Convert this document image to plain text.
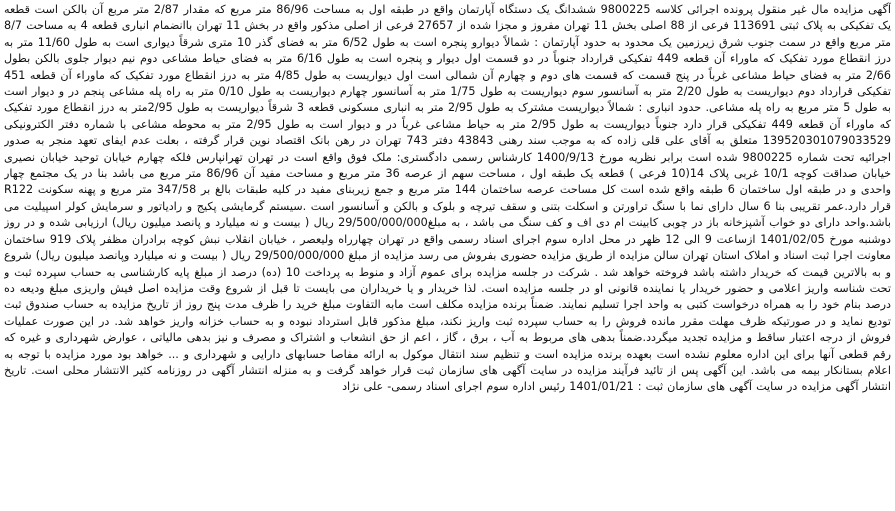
آگهی مزایده مال غیر منقول پرونده اجرائی کلاسه 9800225 ششدانگ یک دستگاه آپارتمان واقع در طبقه اول به مساحت 86/96 متر مربع که مقدار 2/87 متر مربع آن بالکن است قطعه یک تفکیکی به پلاک ثبتی 113691 فرعی از 88 اصلی بخش 11 تهران مفروز و مجزا شده از 27657 فرعی از اصلی مذکور واقع در بخش 11 تهران باانضمام انباری قطعه 4 به مساحت 8/7 متر مربع واقع در سمت جنوب شرق زیرزمین یک محدود به حدود آپارتمان : شمالاً دیوارو پنجره است به طول 6/52 متر به فضای گذر 10 متری شرقاً دیواری است به طول 11/60 متر به درز انقطاع مورد تفکیک که ماوراء آن قطعه 449 تفکیکی قرارداد جنوباً در دو قسمت اول دیوار و پنجره است به طول 6/16 متر به فضای حیاط مشاعی دوم نیم دیوار جلوی بالکن بطول 2/66 متر به فضای حیاط مشاعی غرباً در پنج قسمت که قسمت های دوم و چهارم آن شمالی است اول دیواریست به طول 4/85 متر به درز انقطاع مورد تفکیک که ماوراء آن قطعه 451 تفکیکی قرارداد دوم دیواریست به طول 2/20 متر به آسانسور سوم دیواریست به طول 1/75 متر به آسانسور چهارم دیواریست به طول 0/10 متر به راه پله مشاعی پنجم در و دیوار است به طول 5 متر مربع به راه پله مشاعی. حدود انباری : شمالاً دیواریست مشترک به طول 2/95 متر به انباری مسکونی قطعه 3 شرقاً دیواریست به طول 2/95متر به درز انقطاع مورد تفکیک که ماوراء آن قطعه 449 تفکیکی قرار دارد جنوباً دیواریست به طول 2/95 متر به حیاط مشاعی غرباً در و دیوار است به طول 2/95 متر به محوطه مشاعی با شماره دفتر الکترونیکی 139520301079033529 متعلق به آقای علی قلی زاده که به موجب سند رهنی 43843 دفتر 743 تهران در رهن بانک اقتصاد نوین قرار گرفته ، بعلت عدم ایفای تعهد منجر به صدور اجرائیه تحت شماره 9800225 شده است برابر نظریه مورخ 1400/9/13 کارشناس رسمی دادگستری: ملک فوق واقع است در تهران تهرانپارس فلکه چهارم خیابان توحید خیابان نصیری خیابان صداقت کوچه 10/1 غربی پلاک 14(10 فرعی ) قطعه یک طبقه اول ، مساحت سهم از عرصه 36 متر مربع و مساحت مفید آن 86/96 متر مربع می باشد بنا در یک مجتمع چهار واحدی و در طبقه اول ساختمان 6 طبقه واقع شده است کل مساحت عرصه ساختمان 144 متر مربع و جمع زیربنای مفید در کلیه طبقات بالغ بر 347/58 متر مربع و پهنه سکونت R122 قرار دارد.عمر تقریبی بنا 6 سال دارای نما با سنگ تراورتن و اسکلت بتنی و سقف تیرچه و بلوک و بالکن و آسانسور است .سیستم گرمایشی پکیج و رادیاتور و سرمایش کولر اسپیلیت می باشد.واحد دارای دو خواب آشپزخانه باز در چوبی کابینت ام دی اف و کف سنگ می باشد ، به مبلغ29/500/000/000 ریال ( بیست و نه میلیارد و پانصد میلیون ریال) ارزیابی شده و در روز دوشنبه مورخ 1401/02/05 ازساعت 9 الی 12 ظهر در محل اداره سوم اجرای اسناد رسمی واقع در تهران چهارراه ولیعصر ، خیابان انقلاب نبش کوچه برادران مظفر پلاک 919 ساختمان معاونت اجرا ثبت اسناد و املاک استان تهران سالن مزایده از طریق مزایده حضوری بفروش می رسد مزایده از مبلغ 29/500/000/000 ریال ( بیست و نه میلیارد وپانصد میلیون ریال) شروع و به بالاترین قیمت که خریدار داشته باشد فروخته خواهد شد . شرکت در جلسه مزایده برای عموم آزاد و منوط به پرداخت 10 (ده) درصد از مبلغ پایه کارشناسی به حساب سپرده ثبت و تحت شناسه واریز اعلامی و حضور خریدار یا نماینده قانونی او در جلسه مزایده است. لذا خریدار و یا خریداران می بایست تا قبل از شروع وقت مزایده اصل فیش واریزی مبلغ ودیعه ده درصد بنام خود را به همراه درخواست کتبی به واحد اجرا تسلیم نمایند. ضمناً برنده مزایده مکلف است مابه التفاوت مبلغ خرید را ظرف مدت پنج روز از تاریخ مزایده به حساب صندوق ثبت تودیع نماید و در صورتیکه ظرف مهلت مقرر مانده فروش را به حساب سپرده ثبت واریز نکند، مبلغ مذکور قابل استرداد نبوده و به حساب خزانه واریز خواهد شد. در این صورت عملیات فروش از درجه اعتبار ساقط و مزایده تجدید میگردد.ضمناً بدهی های مربوط به آب ، برق ، گاز ، اعم از حق انشعاب و اشتراک و مصرف و نیز بدهی مالیاتی ، عوارض شهرداری و غیره که رقم قطعی آنها برای این اداره معلوم نشده است بعهده برنده مزایده است و تنظیم سند انتقال موکول به ارائه مفاصا حسابهای دارایی و شهرداری و ... خواهد بود مورد مزایده با توجه به اعلام بستانکار بیمه می باشد. این آگهی پس از تائید فرآیند مزایده در سایت آگهی های سازمان ثبت قرار خواهد گرفت و به منزله انتشار آگهی در روزنامه کثیر الانتشار محلی است. تاریخ انتشار آگهی مزایده در سایت آگهی های سازمان ثبت : 1401/01/21 رئیس اداره سوم اجرای اسناد رسمی- علی نژاد
